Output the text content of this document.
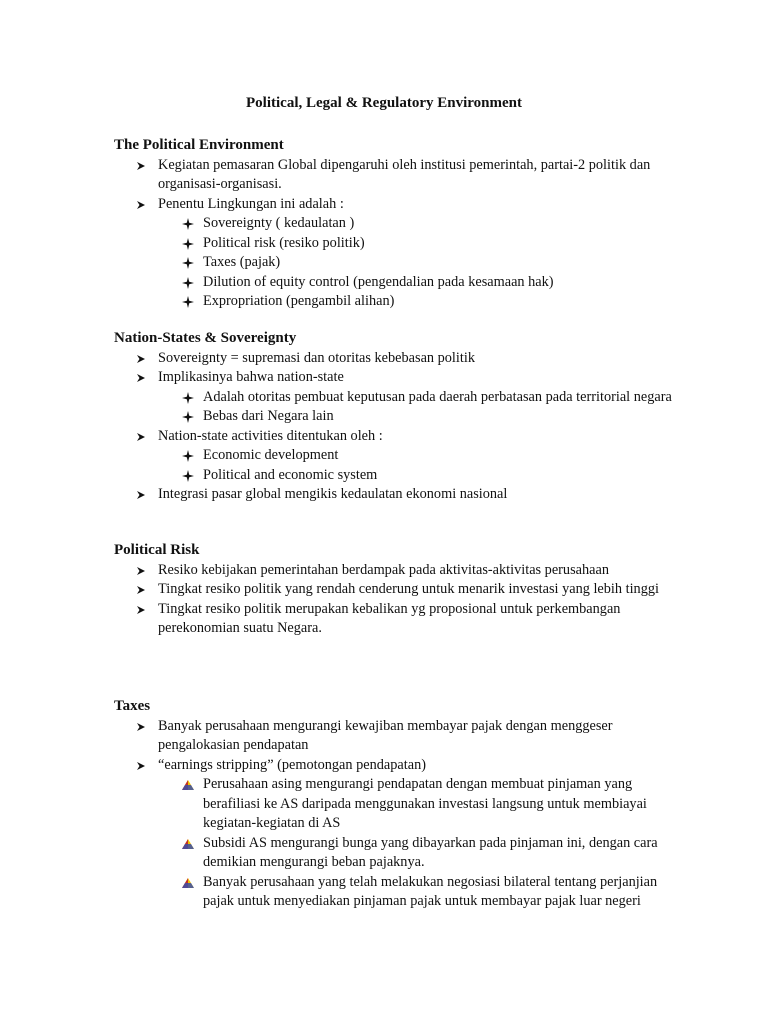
Political, Legal & Regulatory Environment
The Political Environment
Kegiatan pemasaran Global dipengaruhi oleh institusi pemerintah, partai-2 politik dan organisasi-organisasi.
Penentu Lingkungan ini adalah :
Sovereignty ( kedaulatan )
Political risk (resiko politik)
Taxes (pajak)
Dilution of equity control (pengendalian pada kesamaan hak)
Expropriation (pengambil alihan)
Nation-States & Sovereignty
Sovereignty = supremasi dan otoritas kebebasan politik
Implikasinya bahwa nation-state
Adalah otoritas pembuat keputusan pada daerah perbatasan pada territorial negara
Bebas dari Negara lain
Nation-state activities ditentukan oleh :
Economic development
Political and economic system
Integrasi pasar global mengikis kedaulatan ekonomi nasional
Political Risk
Resiko kebijakan pemerintahan berdampak pada aktivitas-aktivitas perusahaan
Tingkat resiko politik yang rendah cenderung untuk menarik investasi yang lebih tinggi
Tingkat resiko politik merupakan kebalikan yg proposional untuk perkembangan perekonomian suatu Negara.
Taxes
Banyak perusahaan mengurangi kewajiban membayar pajak dengan menggeser pengalokasian pendapatan
“earnings stripping” (pemotongan pendapatan)
Perusahaan asing mengurangi pendapatan dengan membuat pinjaman yang berafiliasi ke AS daripada menggunakan investasi langsung untuk membiayai kegiatan-kegiatan di AS
Subsidi AS mengurangi bunga yang dibayarkan pada pinjaman ini, dengan cara demikian mengurangi beban pajaknya.
Banyak perusahaan yang telah melakukan negosiasi bilateral tentang perjanjian pajak untuk menyediakan pinjaman pajak untuk membayar pajak luar negeri
